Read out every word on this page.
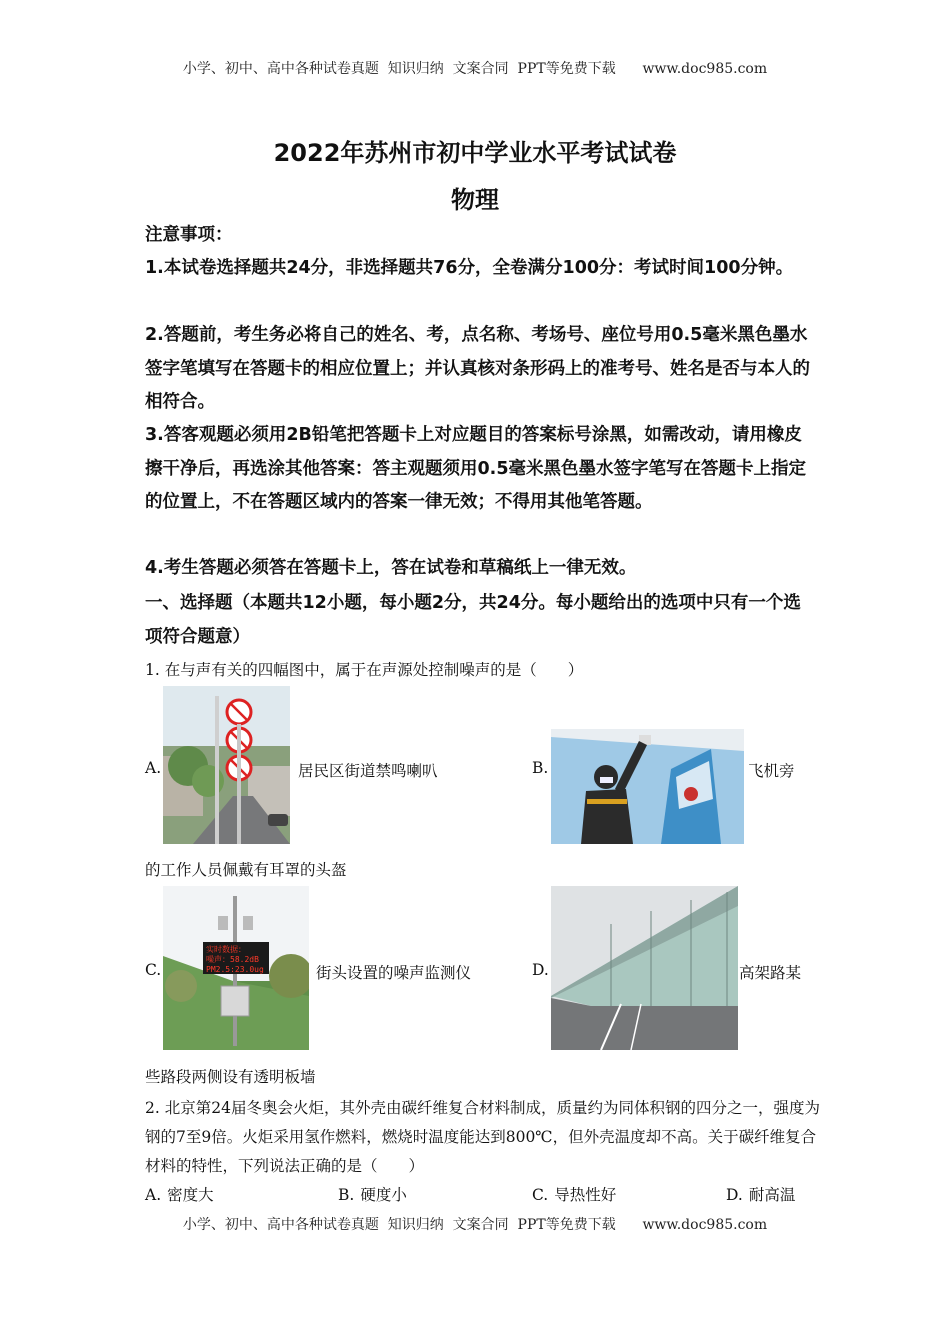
小学、初中、高中各种试卷真题  知识归纳  文案合同  PPT等免费下载      www.doc985.com
2022年苏州市初中学业水平考试试卷
物理
注意事项：
1.本试卷选择题共24分，非选择题共76分，全卷满分100分：考试时间100分钟。
2.答题前，考生务必将自己的姓名、考，点名称、考场号、座位号用0.5毫米黑色墨水签字笔填写在答题卡的相应位置上；并认真核对条形码上的准考号、姓名是否与本人的相符合。
3.答客观题必须用2B铅笔把答题卡上对应题目的答案标号涂黑，如需改动，请用橡皮擦干净后，再选涂其他答案：答主观题须用0.5毫米黑色墨水签字笔写在答题卡上指定的位置上，不在答题区域内的答案一律无效；不得用其他笔答题。
4.考生答题必须答在答题卡上，答在试卷和草稿纸上一律无效。
一、选择题（本题共12小题，每小题2分，共24分。每小题给出的选项中只有一个选项符合题意）
1. 在与声有关的四幅图中，属于在声源处控制噪声的是（　　）
A.	居民区街道禁鸣喇叭	B.	飞机旁
的工作人员佩戴有耳罩的头盔
C.
实时数据：
噪声：58.2dB
PM2.5:23.0ug	街头设置的噪声监测仪	D.	高架路某
些路段两侧设有透明板墙
2. 北京第24届冬奥会火炬，其外壳由碳纤维复合材料制成，质量约为同体积钢的四分之一，强度为钢的7至9倍。火炬采用氢作燃料，燃烧时温度能达到800℃，但外壳温度却不高。关于碳纤维复合材料的特性，下列说法正确的是（　　）
A. 密度大	B. 硬度小	C. 导热性好	D. 耐高温
小学、初中、高中各种试卷真题  知识归纳  文案合同  PPT等免费下载      www.doc985.com
